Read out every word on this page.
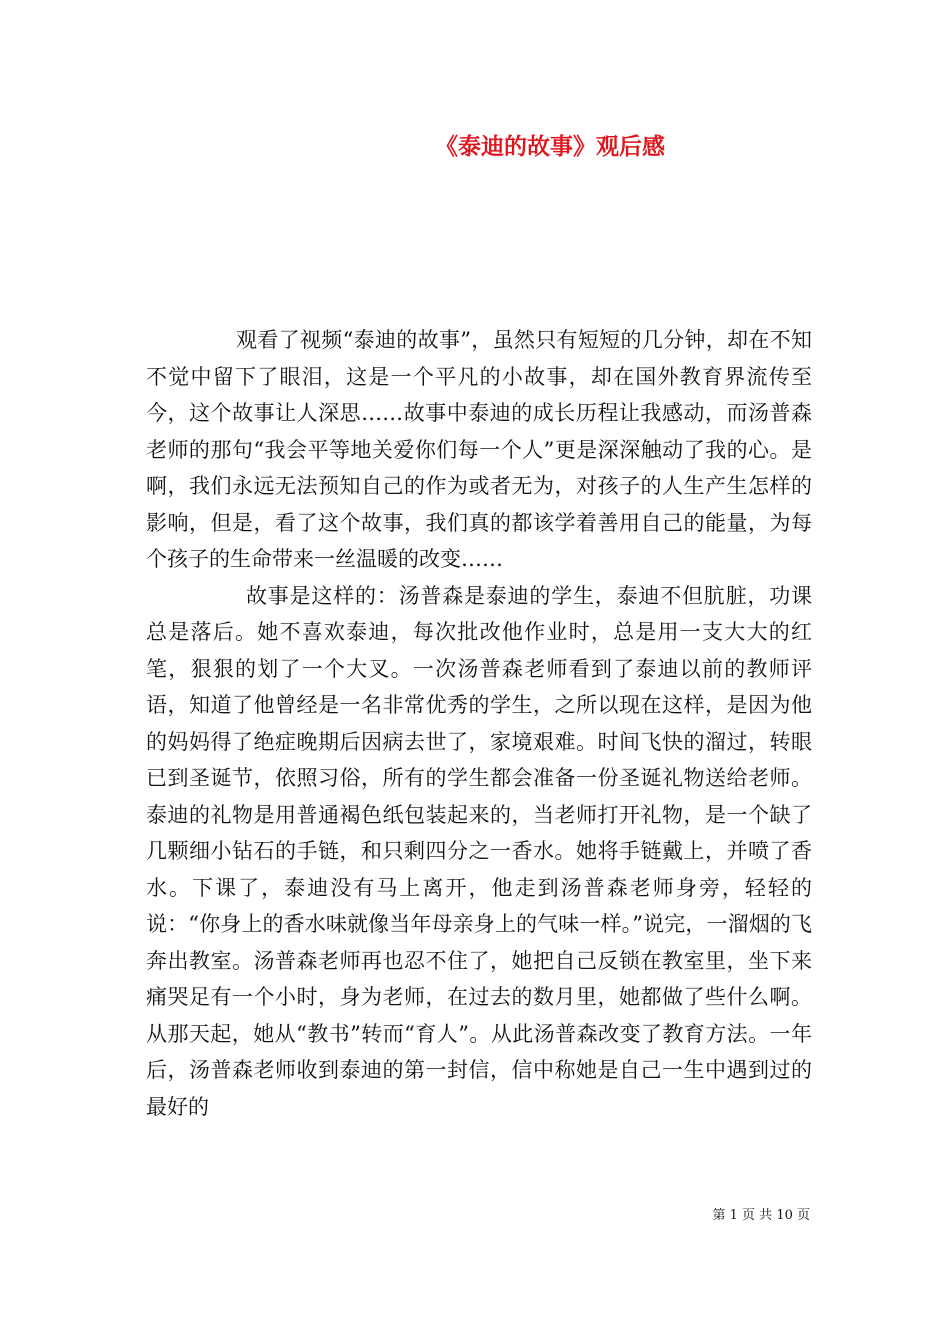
《泰迪的故事》观后感

观看了视频“泰迪的故事”，虽然只有短短的几分钟，却在不知不觉中留下了眼泪，这是一个平凡的小故事，却在国外教育界流传至今，这个故事让人深思……故事中泰迪的成长历程让我感动，而汤普森老师的那句“我会平等地关爱你们每一个人”更是深深触动了我的心。是啊，我们永远无法预知自己的作为或者无为，对孩子的人生产生怎样的影响，但是，看了这个故事，我们真的都该学着善用自己的能量，为每个孩子的生命带来一丝温暖的改变……

故事是这样的：汤普森是泰迪的学生，泰迪不但肮脏，功课总是落后。她不喜欢泰迪，每次批改他作业时，总是用一支大大的红笔，狠狠的划了一个大叉。一次汤普森老师看到了泰迪以前的教师评语，知道了他曾经是一名非常优秀的学生，之所以现在这样，是因为他的妈妈得了绝症晚期后因病去世了，家境艰难。时间飞快的溜过，转眼已到圣诞节，依照习俗，所有的学生都会准备一份圣诞礼物送给老师。泰迪的礼物是用普通褐色纸包装起来的，当老师打开礼物，是一个缺了几颗细小钻石的手链，和只剩四分之一香水。她将手链戴上，并喷了香水。下课了，泰迪没有马上离开，他走到汤普森老师身旁，轻轻的说：“你身上的香水味就像当年母亲身上的气味一样。”说完，一溜烟的飞奔出教室。汤普森老师再也忍不住了，她把自己反锁在教室里，坐下来痛哭足有一个小时，身为老师，在过去的数月里，她都做了些什么啊。从那天起，她从“教书”转而“育人”。从此汤普森改变了教育方法。一年后，汤普森老师收到泰迪的第一封信，信中称她是自己一生中遇到过的最好的

第 1 页 共 10 页
